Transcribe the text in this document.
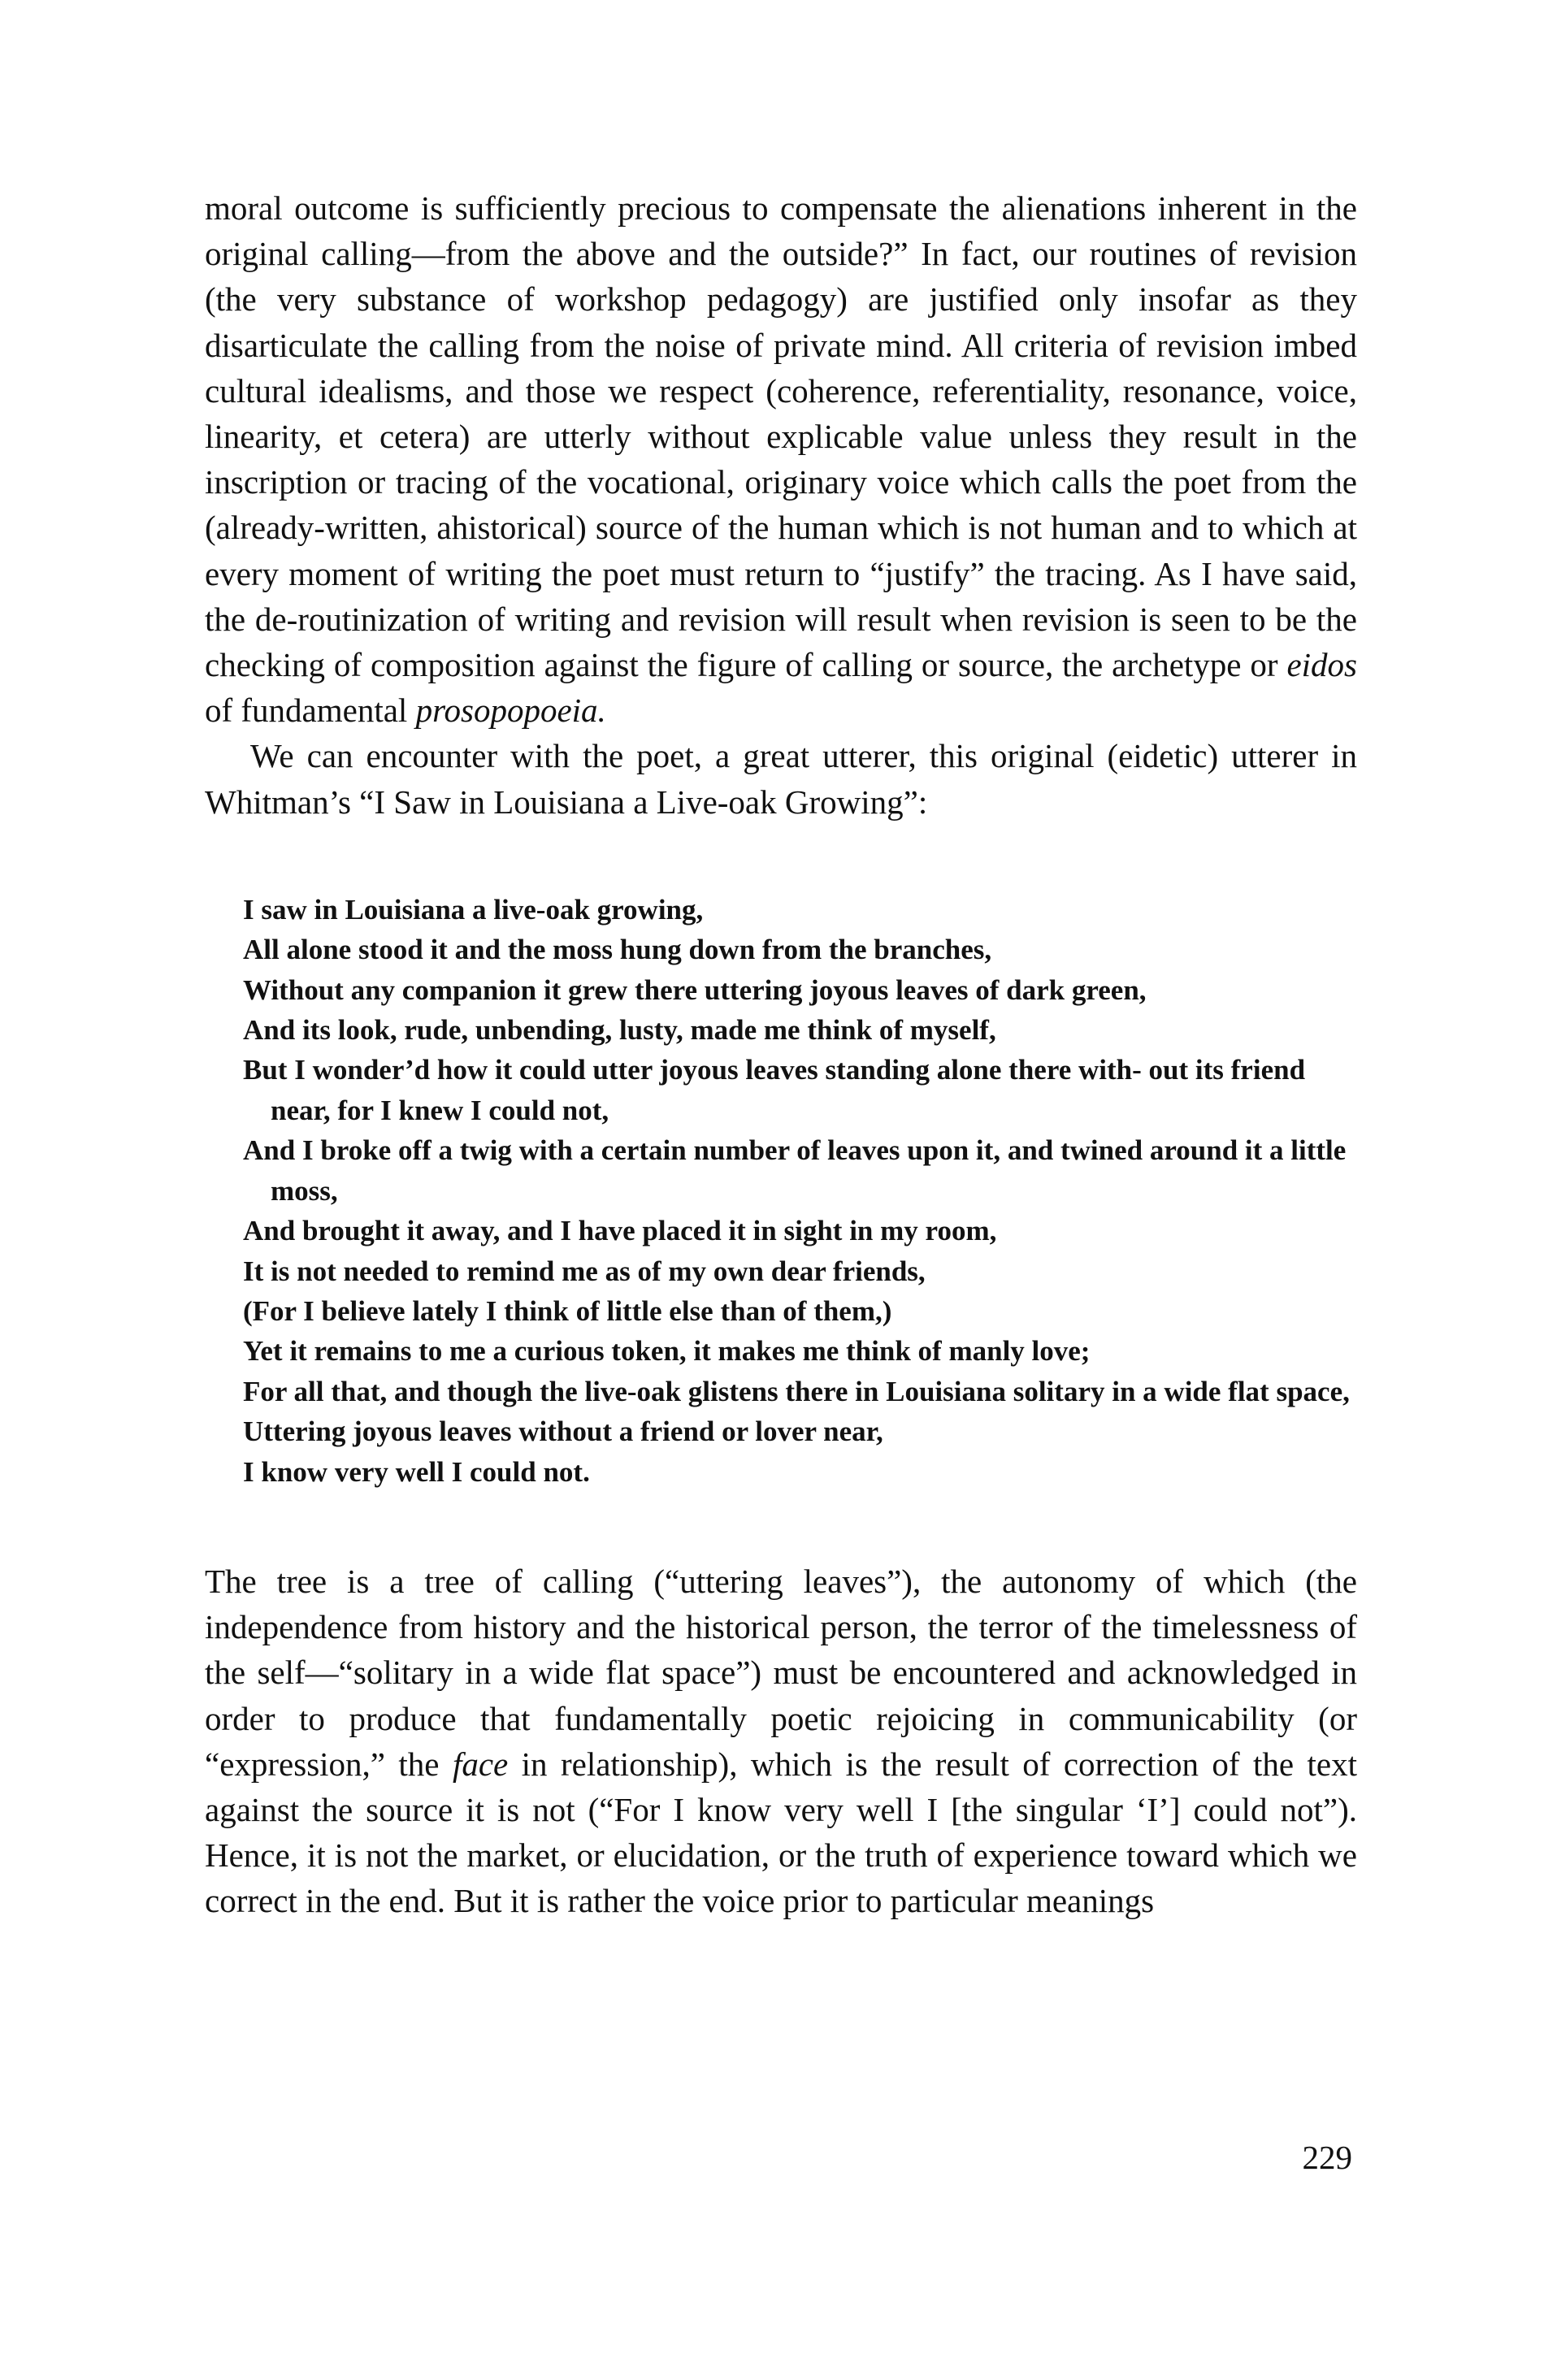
moral outcome is sufficiently precious to compensate the alienations inherent in the original calling—from the above and the outside?” In fact, our routines of revision (the very substance of workshop pedagogy) are justified only insofar as they disarticulate the calling from the noise of private mind. All criteria of revision imbed cultural idealisms, and those we respect (coherence, referentiality, resonance, voice, linearity, et cetera) are utterly without explicable value unless they result in the inscription or tracing of the vocational, originary voice which calls the poet from the (already-written, ahistorical) source of the human which is not human and to which at every moment of writing the poet must return to “justify” the tracing. As I have said, the de-routinization of writing and revision will result when revision is seen to be the checking of composition against the figure of calling or source, the archetype or eidos of fundamental prosopopoeia.

We can encounter with the poet, a great utterer, this original (eidetic) utterer in Whitman’s “I Saw in Louisiana a Live-oak Growing”:

I saw in Louisiana a live-oak growing,
All alone stood it and the moss hung down from the branches,
Without any companion it grew there uttering joyous leaves of dark green,
And its look, rude, unbending, lusty, made me think of myself,
But I wonder’d how it could utter joyous leaves standing alone there with- out its friend near, for I knew I could not,
And I broke off a twig with a certain number of leaves upon it, and twined around it a little moss,
And brought it away, and I have placed it in sight in my room,
It is not needed to remind me as of my own dear friends,
(For I believe lately I think of little else than of them,)
Yet it remains to me a curious token, it makes me think of manly love;
For all that, and though the live-oak glistens there in Louisiana solitary in a wide flat space,
Uttering joyous leaves without a friend or lover near,
I know very well I could not.

The tree is a tree of calling (“uttering leaves”), the autonomy of which (the independence from history and the historical person, the terror of the timelessness of the self—“solitary in a wide flat space”) must be encountered and acknowledged in order to produce that fundamentally poetic rejoicing in communicability (or “expression,” the face in relationship), which is the result of correction of the text against the source it is not (“For I know very well I [the singular ‘I’] could not”). Hence, it is not the market, or elucidation, or the truth of experience toward which we correct in the end. But it is rather the voice prior to particular meanings

229
